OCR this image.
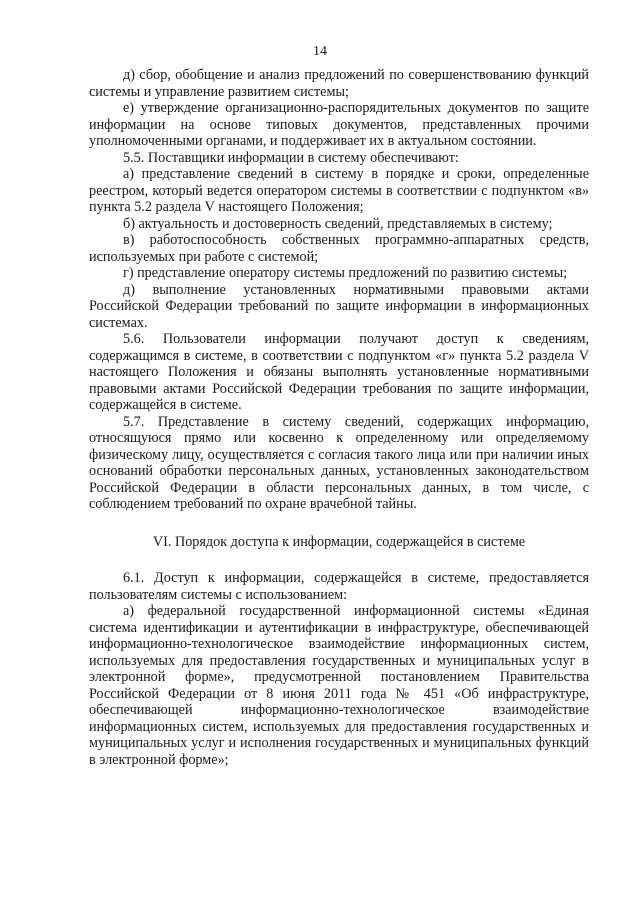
14

д) сбор, обобщение и анализ предложений по совершенствованию функций системы и управление развитием системы;

е) утверждение организационно-распорядительных документов по защите информации на основе типовых документов, представленных прочими уполномоченными органами, и поддерживает их в актуальном состоянии.

5.5. Поставщики информации в систему обеспечивают:

а) представление сведений в систему в порядке и сроки, определенные реестром, который ведется оператором системы в соответствии с подпунктом «в» пункта 5.2 раздела V настоящего Положения;

б) актуальность и достоверность сведений, представляемых в систему;

в) работоспособность собственных программно-аппаратных средств, используемых при работе с системой;

г) представление оператору системы предложений по развитию системы;

д) выполнение установленных нормативными правовыми актами Российской Федерации требований по защите информации в информационных системах.

5.6. Пользователи информации получают доступ к сведениям, содержащимся в системе, в соответствии с подпунктом «г» пункта 5.2 раздела V настоящего Положения и обязаны выполнять установленные нормативными правовыми актами Российской Федерации требования по защите информации, содержащейся в системе.

5.7. Представление в систему сведений, содержащих информацию, относящуюся прямо или косвенно к определенному или определяемому физическому лицу, осуществляется с согласия такого лица или при наличии иных оснований обработки персональных данных, установленных законодательством Российской Федерации в области персональных данных, в том числе, с соблюдением требований по охране врачебной тайны.

VI. Порядок доступа к информации, содержащейся в системе

6.1. Доступ к информации, содержащейся в системе, предоставляется пользователям системы с использованием:

а) федеральной государственной информационной системы «Единая система идентификации и аутентификации в инфраструктуре, обеспечивающей информационно-технологическое взаимодействие информационных систем, используемых для предоставления государственных и муниципальных услуг в электронной форме», предусмотренной постановлением Правительства Российской Федерации от 8 июня 2011 года № 451 «Об инфраструктуре, обеспечивающей информационно-технологическое взаимодействие информационных систем, используемых для предоставления государственных и муниципальных услуг и исполнения государственных и муниципальных функций в электронной форме»;
